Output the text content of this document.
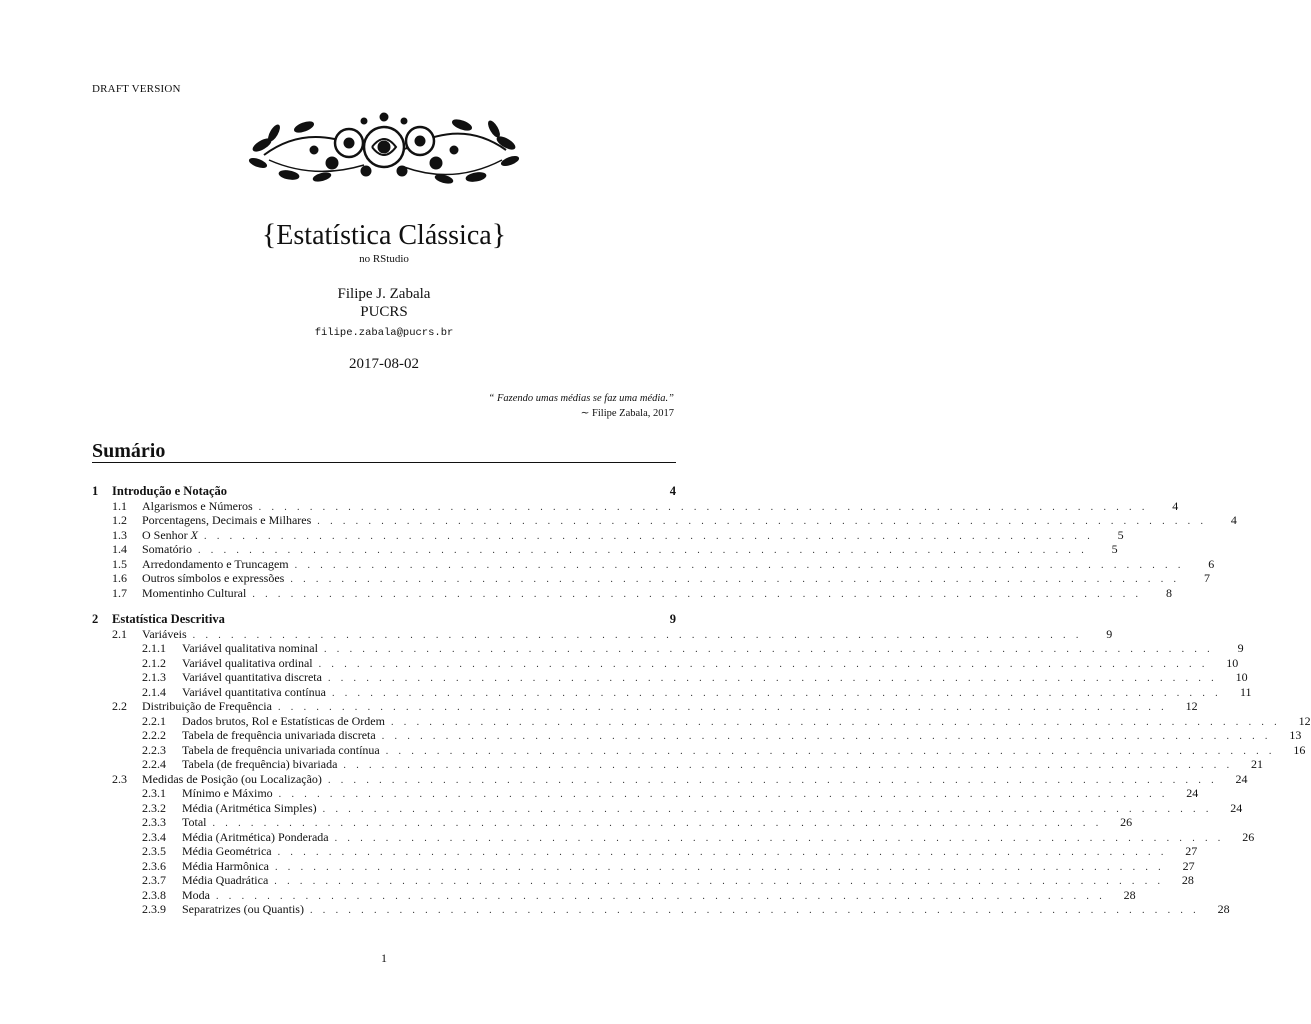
DRAFT VERSION
{Estatística Clássica}
no RStudio
Filipe J. Zabala
PUCRS
filipe.zabala@pucrs.br
2017-08-02
“ Fazendo umas médias se faz uma média.”
∼ Filipe Zabala, 2017
Sumário
1	Introdução e Notação	4
1.1	Algarismos e Números . . . . . . . . . . . . . . . . . . . . . . . . . . . . . . . . . . . . . . . . . . . . . . . . . . . . . . . . . . . . . . . . . . . . . .	4
1.2	Porcentagens, Decimais e Milhares . . . . . . . . . . . . . . . . . . . . . . . . . . . . . . . . . . . . . . . . . . . . . . . . . . . . . . . . . . . . . . . . . . . . . .	4
1.3	O Senhor X . . . . . . . . . . . . . . . . . . . . . . . . . . . . . . . . . . . . . . . . . . . . . . . . . . . . . . . . . . . . . . . . . . . . . .	5
1.4	Somatório . . . . . . . . . . . . . . . . . . . . . . . . . . . . . . . . . . . . . . . . . . . . . . . . . . . . . . . . . . . . . . . . . . . . . .	5
1.5	Arredondamento e Truncagem . . . . . . . . . . . . . . . . . . . . . . . . . . . . . . . . . . . . . . . . . . . . . . . . . . . . . . . . . . . . . . . . . . . . . .	6
1.6	Outros símbolos e expressões . . . . . . . . . . . . . . . . . . . . . . . . . . . . . . . . . . . . . . . . . . . . . . . . . . . . . . . . . . . . . . . . . . . . . .	7
1.7	Momentinho Cultural . . . . . . . . . . . . . . . . . . . . . . . . . . . . . . . . . . . . . . . . . . . . . . . . . . . . . . . . . . . . . . . . . . . . . .	8
2	Estatística Descritiva	9
2.1	Variáveis . . . . . . . . . . . . . . . . . . . . . . . . . . . . . . . . . . . . . . . . . . . . . . . . . . . . . . . . . . . . . . . . . . . . . .	9
2.1.1	Variável qualitativa nominal . . . . . . . . . . . . . . . . . . . . . . . . . . . . . . . . . . . . . . . . . . . . . . . . . . . . . . . . . . . . . . . . . . . . . .	9
2.1.2	Variável qualitativa ordinal . . . . . . . . . . . . . . . . . . . . . . . . . . . . . . . . . . . . . . . . . . . . . . . . . . . . . . . . . . . . . . . . . . . . . .	10
2.1.3	Variável quantitativa discreta . . . . . . . . . . . . . . . . . . . . . . . . . . . . . . . . . . . . . . . . . . . . . . . . . . . . . . . . . . . . . . . . . . . . . .	10
2.1.4	Variável quantitativa contínua . . . . . . . . . . . . . . . . . . . . . . . . . . . . . . . . . . . . . . . . . . . . . . . . . . . . . . . . . . . . . . . . . . . . . .	11
2.2	Distribuição de Frequência . . . . . . . . . . . . . . . . . . . . . . . . . . . . . . . . . . . . . . . . . . . . . . . . . . . . . . . . . . . . . . . . . . . . . .	12
2.2.1	Dados brutos, Rol e Estatísticas de Ordem . . . . . . . . . . . . . . . . . . . . . . . . . . . . . . . . . . . . . . . . . . . . . . . . . . . . . . . . . . . . . . . . . . . . . .	12
2.2.2	Tabela de frequência univariada discreta . . . . . . . . . . . . . . . . . . . . . . . . . . . . . . . . . . . . . . . . . . . . . . . . . . . . . . . . . . . . . . . . . . . . . .	13
2.2.3	Tabela de frequência univariada contínua . . . . . . . . . . . . . . . . . . . . . . . . . . . . . . . . . . . . . . . . . . . . . . . . . . . . . . . . . . . . . . . . . . . . . .	16
2.2.4	Tabela (de frequência) bivariada . . . . . . . . . . . . . . . . . . . . . . . . . . . . . . . . . . . . . . . . . . . . . . . . . . . . . . . . . . . . . . . . . . . . . .	21
2.3	Medidas de Posição (ou Localização) . . . . . . . . . . . . . . . . . . . . . . . . . . . . . . . . . . . . . . . . . . . . . . . . . . . . . . . . . . . . . . . . . . . . . .	24
2.3.1	Mínimo e Máximo . . . . . . . . . . . . . . . . . . . . . . . . . . . . . . . . . . . . . . . . . . . . . . . . . . . . . . . . . . . . . . . . . . . . . .	24
2.3.2	Média (Aritmética Simples) . . . . . . . . . . . . . . . . . . . . . . . . . . . . . . . . . . . . . . . . . . . . . . . . . . . . . . . . . . . . . . . . . . . . . .	24
2.3.3	Total . . . . . . . . . . . . . . . . . . . . . . . . . . . . . . . . . . . . . . . . . . . . . . . . . . . . . . . . . . . . . . . . . . . . . .	26
2.3.4	Média (Aritmética) Ponderada . . . . . . . . . . . . . . . . . . . . . . . . . . . . . . . . . . . . . . . . . . . . . . . . . . . . . . . . . . . . . . . . . . . . . .	26
2.3.5	Média Geométrica . . . . . . . . . . . . . . . . . . . . . . . . . . . . . . . . . . . . . . . . . . . . . . . . . . . . . . . . . . . . . . . . . . . . . .	27
2.3.6	Média Harmônica . . . . . . . . . . . . . . . . . . . . . . . . . . . . . . . . . . . . . . . . . . . . . . . . . . . . . . . . . . . . . . . . . . . . . .	27
2.3.7	Média Quadrática . . . . . . . . . . . . . . . . . . . . . . . . . . . . . . . . . . . . . . . . . . . . . . . . . . . . . . . . . . . . . . . . . . . . . .	28
2.3.8	Moda . . . . . . . . . . . . . . . . . . . . . . . . . . . . . . . . . . . . . . . . . . . . . . . . . . . . . . . . . . . . . . . . . . . . . .	28
2.3.9	Separatrizes (ou Quantis) . . . . . . . . . . . . . . . . . . . . . . . . . . . . . . . . . . . . . . . . . . . . . . . . . . . . . . . . . . . . . . . . . . . . . .	28
1
